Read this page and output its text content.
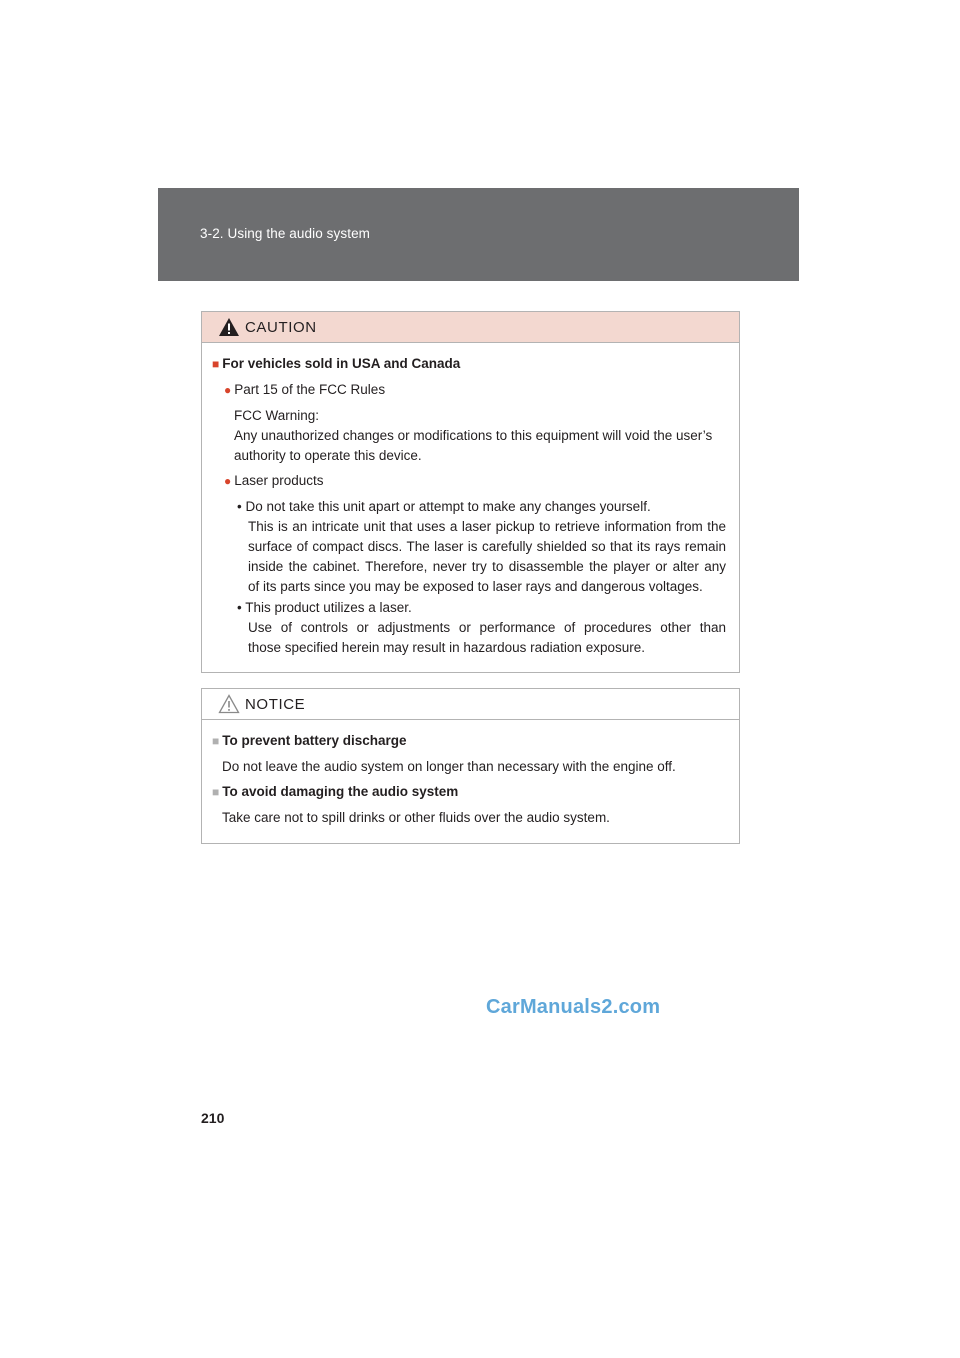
3-2. Using the audio system
CAUTION
■ For vehicles sold in USA and Canada
● Part 15 of the FCC Rules
FCC Warning:
Any unauthorized changes or modifications to this equipment will void the user’s
authority to operate this device.
● Laser products
• Do not take this unit apart or attempt to make any changes yourself.
This is an intricate unit that uses a laser pickup to retrieve information from the
surface of compact discs. The laser is carefully shielded so that its rays remain
inside the cabinet. Therefore, never try to disassemble the player or alter any
of its parts since you may be exposed to laser rays and dangerous voltages.
• This product utilizes a laser.
Use of controls or adjustments or performance of procedures other than
those specified herein may result in hazardous radiation exposure.
NOTICE
■ To prevent battery discharge
Do not leave the audio system on longer than necessary with the engine off.
■ To avoid damaging the audio system
Take care not to spill drinks or other fluids over the audio system.
CarManuals2.com
210
